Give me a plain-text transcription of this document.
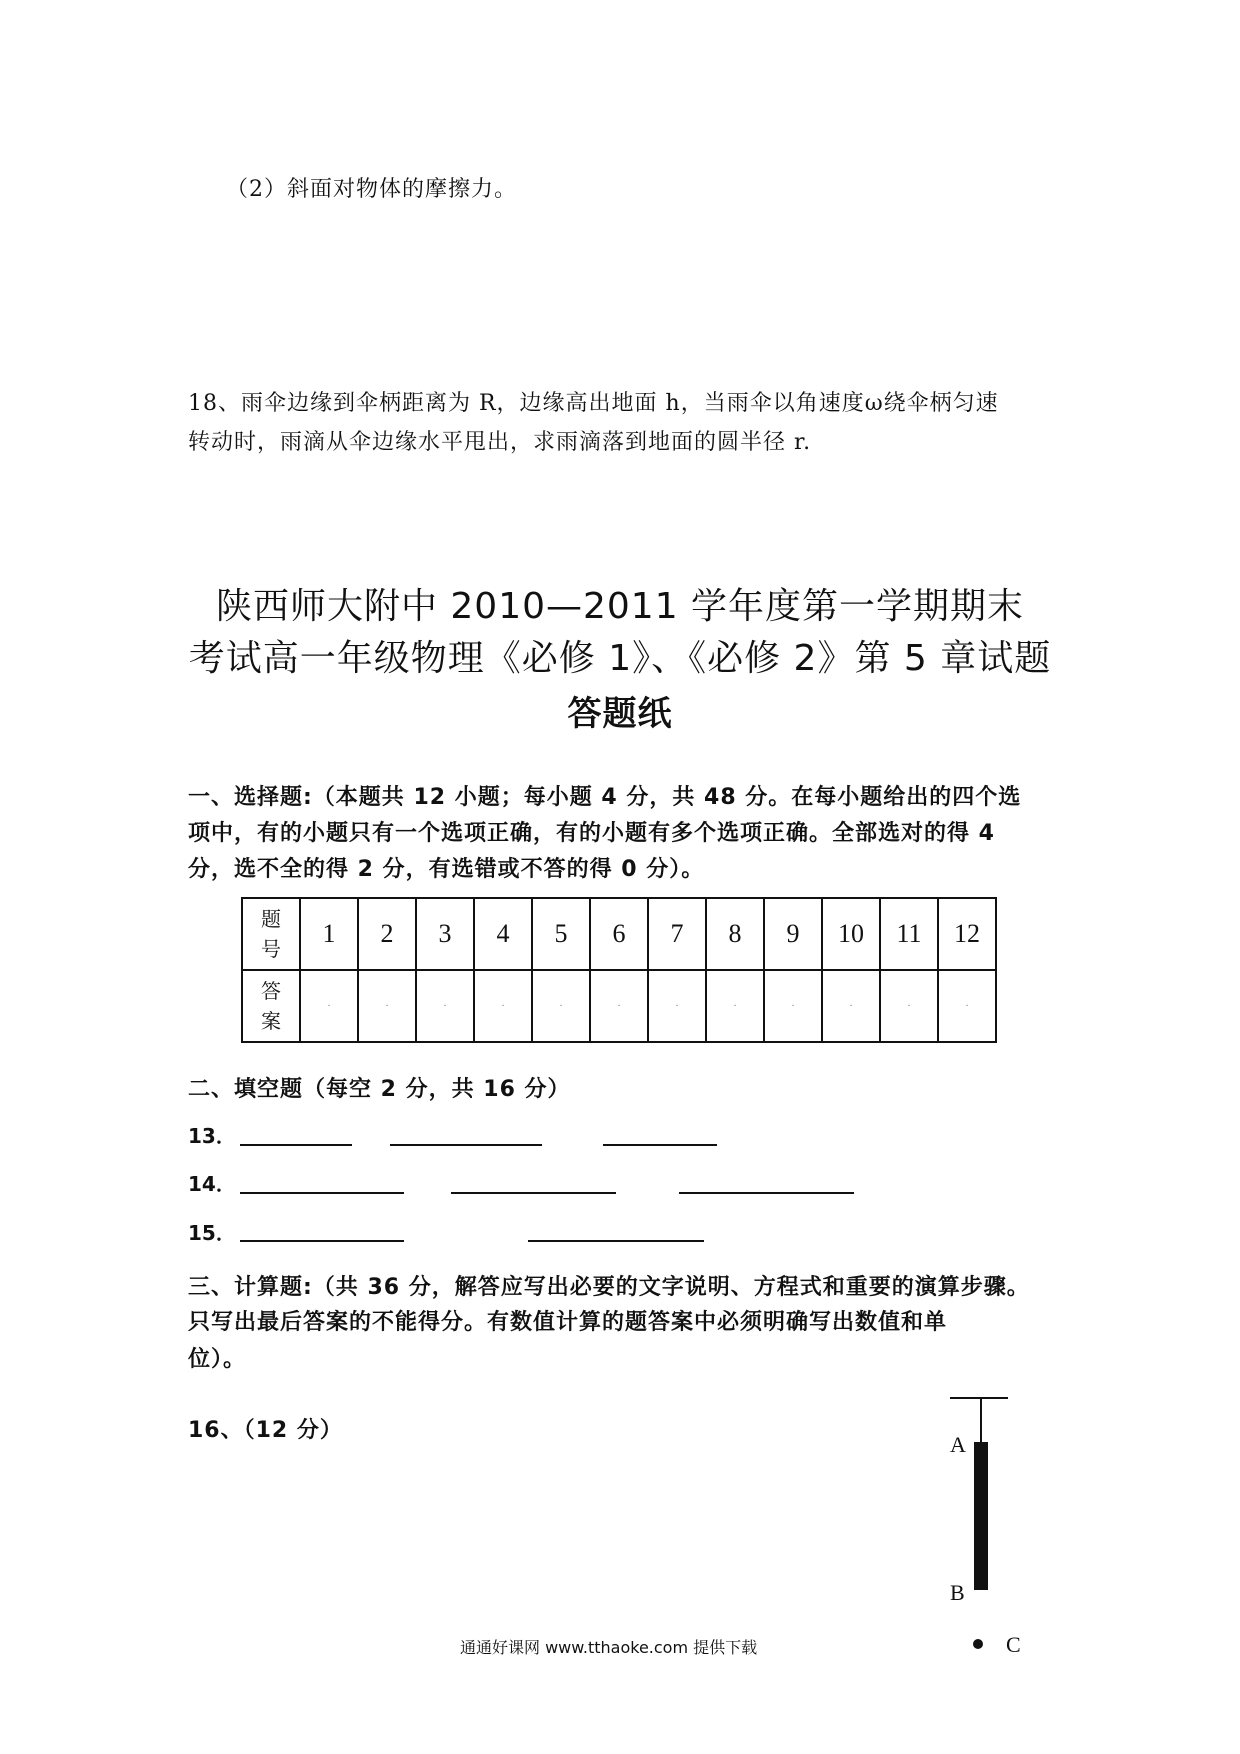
（2）斜面对物体的摩擦力。
18、雨伞边缘到伞柄距离为 R，边缘高出地面 h，当雨伞以角速度ω绕伞柄匀速
转动时，雨滴从伞边缘水平甩出，求雨滴落到地面的圆半径 r.
陕西师大附中 2010—2011 学年度第一学期期末
考试高一年级物理《必修 1》、《必修 2》第 5 章试题
答题纸
一、选择题:（本题共 12 小题；每小题 4 分，共 48 分。在每小题给出的四个选
项中，有的小题只有一个选项正确，有的小题有多个选项正确。全部选对的得 4
分，选不全的得 2 分，有选错或不答的得 0 分）。
题号	1	2	3	4	5	6	7	8	9	10	11	12
答案	·	·	·	·	·	·	·	·	·	·	·	·
二、填空题（每空 2 分，共 16 分）
13．
14．
15．
三、计算题:（共 36 分，解答应写出必要的文字说明、方程式和重要的演算步骤。
只写出最后答案的不能得分。有数值计算的题答案中必须明确写出数值和单
位）。
16、（12 分）
A
B
C
通通好课网 www.tthaoke.com 提供下载
